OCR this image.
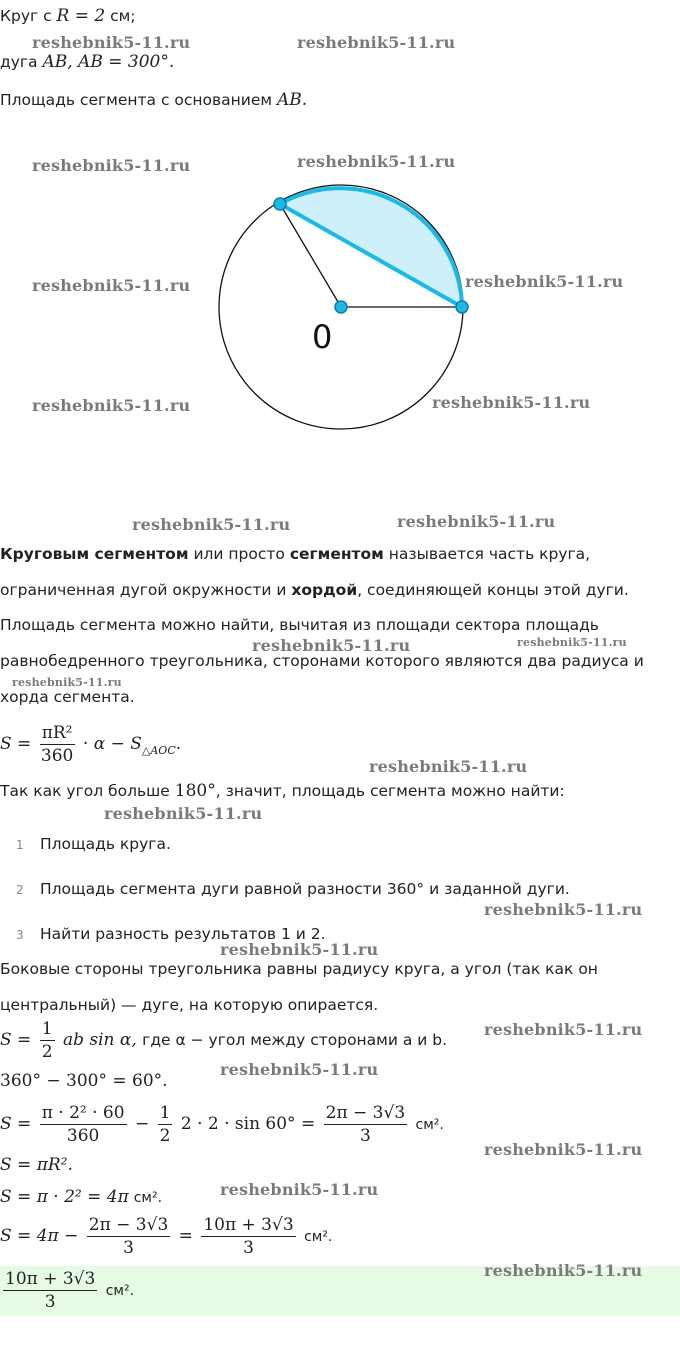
Круг с R = 2 см;
дуга AB, AB = 300°.
Площадь сегмента с основанием AB.
0
Круговым сегментом или просто сегментом называется часть круга,
ограниченная дугой окружности и хордой, соединяющей концы этой дуги.
Площадь сегмента можно найти, вычитая из площади сектора площадь
равнобедренного треугольника, сторонами которого являются два радиуса и
хорда сегмента.
$S = \frac{\text{πR²}}{360} \cdot \alpha - S_{\triangle AOC}$.
Так как угол больше 180°, значит, площадь сегмента можно найти:
1 Площадь круга.
2 Площадь сегмента дуги равной разности 360° и заданной дуги.
3 Найти разность результатов 1 и 2.
Боковые стороны треугольника равны радиусу круга, а угол (так как он
центральный) — дуге, на которую опирается.
$S = \frac{1}{2}$ ab sin α, где α − угол между сторонами a и b.
360° − 300° = 60°.
$S = \frac{\text{π · 2² · 60}}{360} - \frac{1}{2} 2 \cdot 2 \cdot \sin 60^\circ = \frac{2\pi - 3√3}{3} см^2$.
S = πR².
S = π · 2² = 4π см².
$S = 4\pi - \frac{2\pi - 3√3}{3} = \frac{10\pi + 3√3}{3} см^2$.
$\frac{10\pi + 3√3}{3} см^2$.
reshebnik5-11.ru	reshebnik5-11.ru
reshebnik5-11.ru	reshebnik5-11.ru
reshebnik5-11.ru	reshebnik5-11.ru
reshebnik5-11.ru	reshebnik5-11.ru
reshebnik5-11.ru	reshebnik5-11.ru
reshebnik5-11.ru	reshebnik5-11.ru
reshebnik5-11.ru
reshebnik5-11.ru
reshebnik5-11.ru
reshebnik5-11.ru
reshebnik5-11.ru
reshebnik5-11.ru
reshebnik5-11.ru
reshebnik5-11.ru
reshebnik5-11.ru
reshebnik5-11.ru
